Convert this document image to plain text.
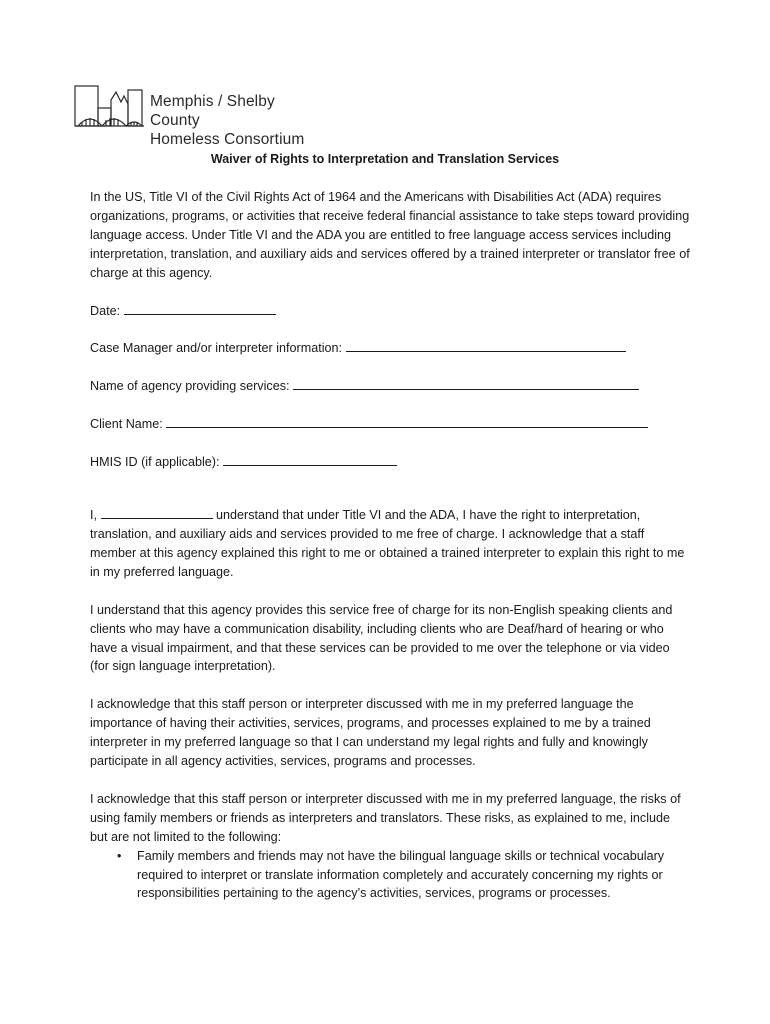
Memphis / Shelby County
Homeless Consortium
Waiver of Rights to Interpretation and Translation Services

In the US, Title VI of the Civil Rights Act of 1964 and the Americans with Disabilities Act (ADA) requires organizations, programs, or activities that receive federal financial assistance to take steps toward providing language access. Under Title VI and the ADA you are entitled to free language access services including interpretation, translation, and auxiliary aids and services offered by a trained interpreter or translator free of charge at this agency.

Date:
Case Manager and/or interpreter information:
Name of agency providing services:
Client Name:
HMIS ID (if applicable):

I,	understand that under Title VI and the ADA, I have the right to interpretation, translation, and auxiliary aids and services provided to me free of charge. I acknowledge that a staff member at this agency explained this right to me or obtained a trained interpreter to explain this right to me in my preferred language.

I understand that this agency provides this service free of charge for its non-English speaking clients and clients who may have a communication disability, including clients who are Deaf/hard of hearing or who have a visual impairment, and that these services can be provided to me over the telephone or via video (for sign language interpretation).

I acknowledge that this staff person or interpreter discussed with me in my preferred language the importance of having their activities, services, programs, and processes explained to me by a trained interpreter in my preferred language so that I can understand my legal rights and fully and knowingly participate in all agency activities, services, programs and processes.

I acknowledge that this staff person or interpreter discussed with me in my preferred language, the risks of using family members or friends as interpreters and translators. These risks, as explained to me, include but are not limited to the following:

• Family members and friends may not have the bilingual language skills or technical vocabulary required to interpret or translate information completely and accurately concerning my rights or responsibilities pertaining to the agency’s activities, services, programs or processes.
